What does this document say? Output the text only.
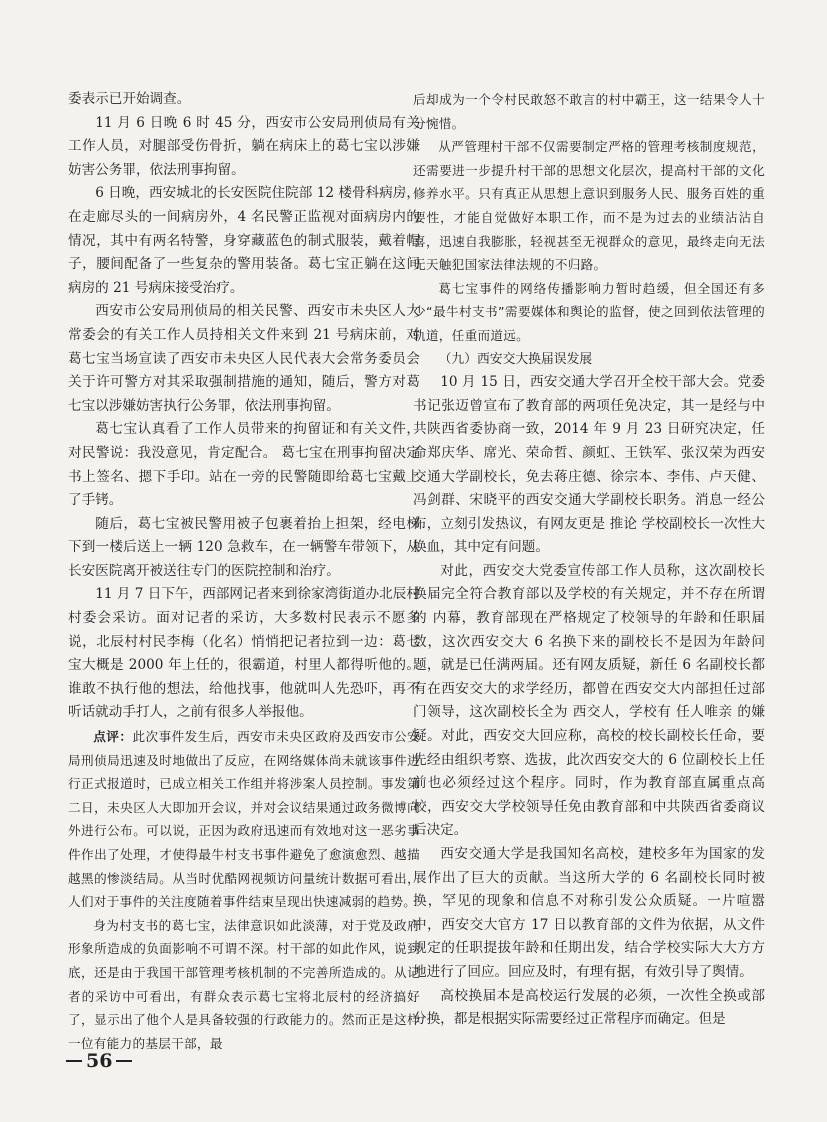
委表示已开始调查。

11 月 6 日晚 6 时 45 分，西安市公安局刑侦局有关工作人员，对腿部受伤骨折，躺在病床上的葛七宝以涉嫌妨害公务罪，依法刑事拘留。

6 日晚，西安城北的长安医院住院部 12 楼骨科病房，在走廊尽头的一间病房外，4 名民警正监视对面病房内的情况，其中有两名特警，身穿藏蓝色的制式服装，戴着帽子，腰间配备了一些复杂的警用装备。葛七宝正躺在这间病房的 21 号病床接受治疗。

西安市公安局刑侦局的相关民警、西安市未央区人大常委会的有关工作人员持相关文件来到 21 号病床前，对葛七宝当场宣读了西安市未央区人民代表大会常务委员会关于许可警方对其采取强制措施的通知，随后，警方对葛七宝以涉嫌妨害执行公务罪，依法刑事拘留。

葛七宝认真看了工作人员带来的拘留证和有关文件，对民警说：我没意见，肯定配合。 葛七宝在刑事拘留决定书上签名、摁下手印。站在一旁的民警随即给葛七宝戴上了手铐。

随后，葛七宝被民警用被子包裹着抬上担架，经电梯下到一楼后送上一辆 120 急救车，在一辆警车带领下，从长安医院离开被送往专门的医院控制和治疗。

11 月 7 日下午，西部网记者来到徐家湾街道办北辰村村委会采访。面对记者的采访，大多数村民表示不愿多说，北辰村村民李梅（化名）悄悄把记者拉到一边：葛七宝大概是 2000 年上任的，很霸道，村里人都得听他的。谁敢不执行他的想法，给他找事，他就叫人先恐吓，再不听话就动手打人，之前有很多人举报他。

点评：此次事件发生后，西安市未央区政府及西安市公安局刑侦局迅速及时地做出了反应，在网络媒体尚未就该事件进行正式报道时，已成立相关工作组并将涉案人员控制。事发第二日，未央区人大即加开会议，并对会议结果通过政务微博向外进行公布。可以说，正因为政府迅速而有效地对这一恶劣事件作出了处理，才使得最牛村支书事件避免了愈演愈烈、越描越黑的惨淡结局。从当时优酷网视频访问量统计数据可看出，人们对于事件的关注度随着事件结束呈现出快速减弱的趋势。

身为村支书的葛七宝，法律意识如此淡薄，对于党及政府形象所造成的负面影响不可谓不深。村干部的如此作风，说到底，还是由于我国干部管理考核机制的不完善所造成的。从记者的采访中可看出，有群众表示葛七宝将北辰村的经济搞好了，显示出了他个人是具备较强的行政能力的。然而正是这样一位有能力的基层干部，最

后却成为一个令村民敢怒不敢言的村中霸王，这一结果令人十分惋惜。

从严管理村干部不仅需要制定严格的管理考核制度规范，还需要进一步提升村干部的思想文化层次，提高村干部的文化修养水平。只有真正从思想上意识到服务人民、服务百姓的重要性，才能自觉做好本职工作，而不是为过去的业绩沾沾自喜，迅速自我膨胀，轻视甚至无视群众的意见，最终走向无法无天触犯国家法律法规的不归路。

葛七宝事件的网络传播影响力暂时趋缓，但全国还有多少“最牛村支书”需要媒体和舆论的监督，使之回到依法管理的轨道，任重而道远。

（九）西安交大换届误发展

10 月 15 日，西安交通大学召开全校干部大会。党委书记张迈曾宣布了教育部的两项任免决定，其一是经与中共陕西省委协商一致，2014 年 9 月 23 日研究决定，任命郑庆华、席光、荣命哲、颜虹、王铁军、张汉荣为西安交通大学副校长，免去蒋庄德、徐宗本、李伟、卢天健、冯剑群、宋晓平的西安交通大学副校长职务。消息一经公布，立刻引发热议，有网友更是 推论 学校副校长一次性大换血，其中定有问题。

对此，西安交大党委宣传部工作人员称，这次副校长换届完全符合教育部以及学校的有关规定，并不存在所谓的 内幕，教育部现在严格规定了校领导的年龄和任职届数，这次西安交大 6 名换下来的副校长不是因为年龄问题，就是已任满两届。还有网友质疑，新任 6 名副校长都有在西安交大的求学经历，都曾在西安交大内部担任过部门领导，这次副校长全为 西交人，学校有 任人唯亲 的嫌疑。对此，西安交大回应称，高校的校长副校长任命，要先经由组织考察、选拔，此次西安交大的 6 位副校长上任前也必须经过这个程序。同时，作为教育部直属重点高校，西安交大学校领导任免由教育部和中共陕西省委商议后决定。

西安交通大学是我国知名高校，建校多年为国家的发展作出了巨大的贡献。当这所大学的 6 名副校长同时被换，罕见的现象和信息不对称引发公众质疑。一片喧嚣中，西安交大官方 17 日以教育部的文件为依据，从文件规定的任职提拔年龄和任期出发，结合学校实际大大方方地进行了回应。回应及时，有理有据，有效引导了舆情。

高校换届本是高校运行发展的必须，一次性全换或部分换，都是根据实际需要经过正常程序而确定。但是

56
